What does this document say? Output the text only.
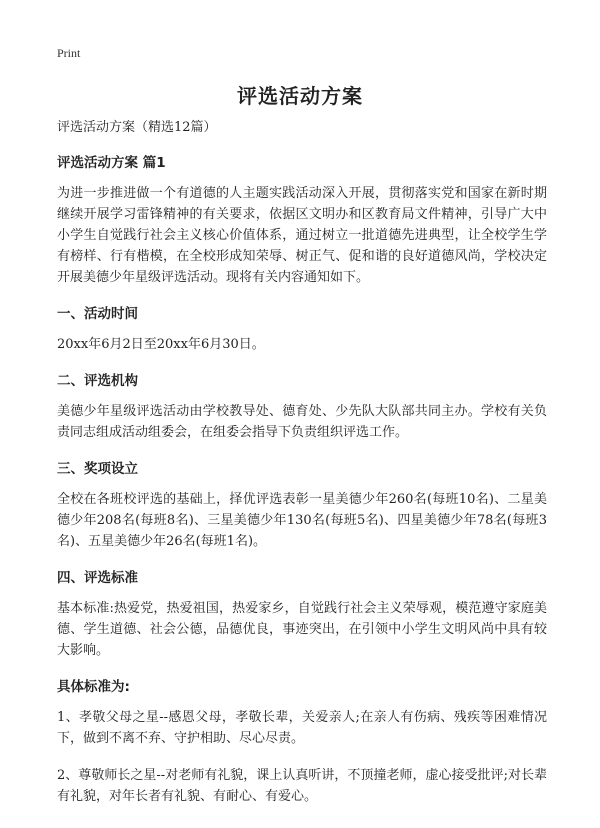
Print
评选活动方案
评选活动方案（精选12篇）
评选活动方案 篇1
为进一步推进做一个有道德的人主题实践活动深入开展，贯彻落实党和国家在新时期继续开展学习雷锋精神的有关要求，依据区文明办和区教育局文件精神，引导广大中小学生自觉践行社会主义核心价值体系，通过树立一批道德先进典型，让全校学生学有榜样、行有楷模，在全校形成知荣辱、树正气、促和谐的良好道德风尚，学校决定开展美德少年星级评选活动。现将有关内容通知如下。
一、活动时间
20xx年6月2日至20xx年6月30日。
二、评选机构
美德少年星级评选活动由学校教导处、德育处、少先队大队部共同主办。学校有关负责同志组成活动组委会，在组委会指导下负责组织评选工作。
三、奖项设立
全校在各班校评选的基础上，择优评选表彰一星美德少年260名(每班10名)、二星美德少年208名(每班8名)、三星美德少年130名(每班5名)、四星美德少年78名(每班3名)、五星美德少年26名(每班1名)。
四、评选标准
基本标准:热爱党，热爱祖国，热爱家乡，自觉践行社会主义荣辱观，模范遵守家庭美德、学生道德、社会公德，品德优良，事迹突出，在引领中小学生文明风尚中具有较大影响。
具体标准为:
1、孝敬父母之星--感恩父母，孝敬长辈，关爱亲人;在亲人有伤病、残疾等困难情况下，做到不离不弃、守护相助、尽心尽责。
2、尊敬师长之星--对老师有礼貌，课上认真听讲，不顶撞老师，虚心接受批评;对长辈有礼貌，对年长者有礼貌、有耐心、有爱心。
